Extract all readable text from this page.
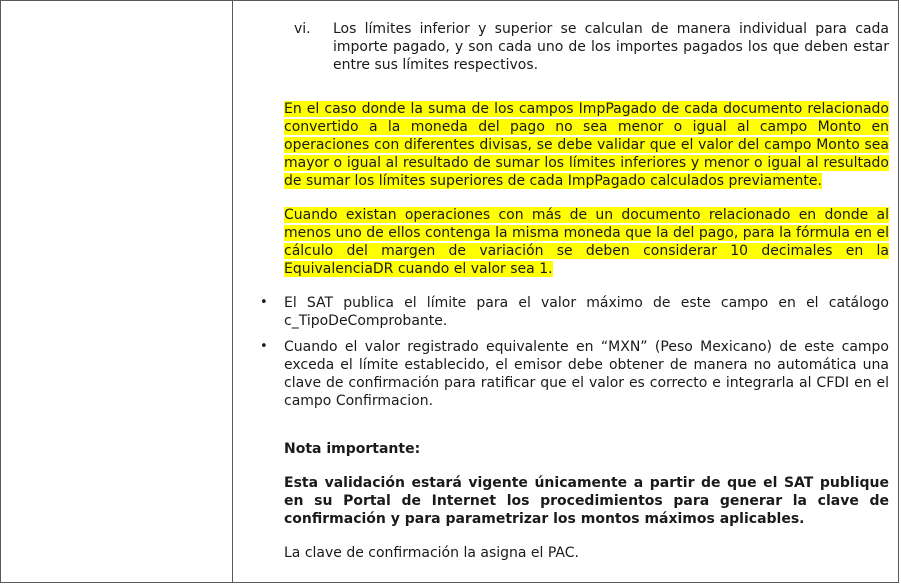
vi. Los límites inferior y superior se calculan de manera individual para cada importe pagado, y son cada uno de los importes pagados los que deben estar entre sus límites respectivos.

En el caso donde la suma de los campos ImpPagado de cada documento relacionado convertido a la moneda del pago no sea menor o igual al campo Monto en operaciones con diferentes divisas, se debe validar que el valor del campo Monto sea mayor o igual al resultado de sumar los límites inferiores y menor o igual al resultado de sumar los límites superiores de cada ImpPagado calculados previamente.

Cuando existan operaciones con más de un documento relacionado en donde al menos uno de ellos contenga la misma moneda que la del pago, para la fórmula en el cálculo del margen de variación se deben considerar 10 decimales en la EquivalenciaDR cuando el valor sea 1.

• El SAT publica el límite para el valor máximo de este campo en el catálogo c_TipoDeComprobante.
• Cuando el valor registrado equivalente en “MXN” (Peso Mexicano) de este campo exceda el límite establecido, el emisor debe obtener de manera no automática una clave de confirmación para ratificar que el valor es correcto e integrarla al CFDI en el campo Confirmacion.

Nota importante:

Esta validación estará vigente únicamente a partir de que el SAT publique en su Portal de Internet los procedimientos para generar la clave de confirmación y para parametrizar los montos máximos aplicables.

La clave de confirmación la asigna el PAC.
